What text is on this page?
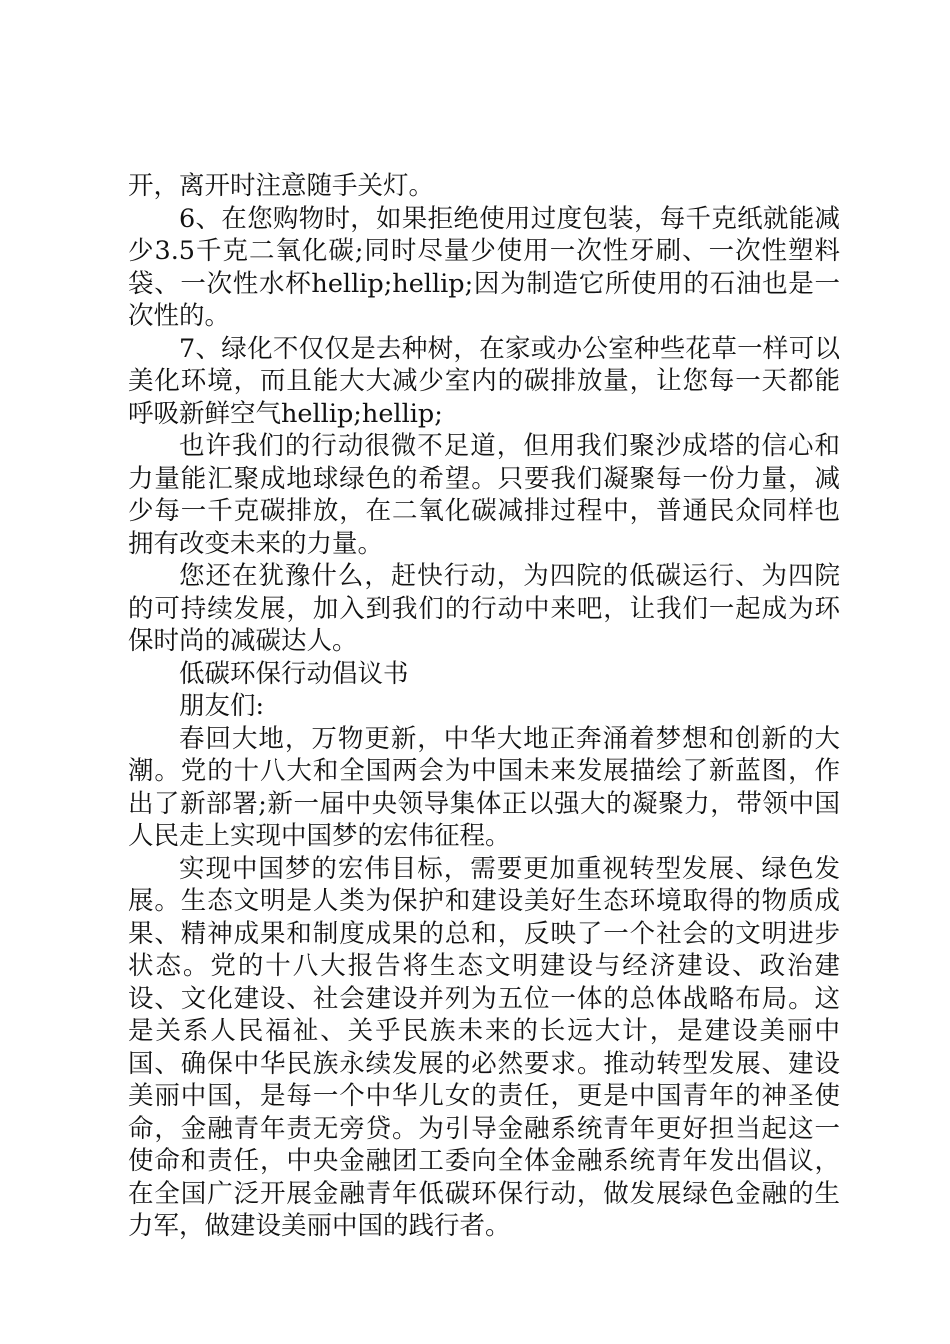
开，离开时注意随手关灯。

6、在您购物时，如果拒绝使用过度包装，每千克纸就能减少3.5千克二氧化碳;同时尽量少使用一次性牙刷、一次性塑料袋、一次性水杯hellip;hellip;因为制造它所使用的石油也是一次性的。

7、绿化不仅仅是去种树，在家或办公室种些花草一样可以美化环境，而且能大大减少室内的碳排放量，让您每一天都能呼吸新鲜空气hellip;hellip;

也许我们的行动很微不足道，但用我们聚沙成塔的信心和力量能汇聚成地球绿色的希望。只要我们凝聚每一份力量，减少每一千克碳排放，在二氧化碳减排过程中，普通民众同样也拥有改变未来的力量。

您还在犹豫什么，赶快行动，为四院的低碳运行、为四院的可持续发展，加入到我们的行动中来吧，让我们一起成为环保时尚的减碳达人。

低碳环保行动倡议书

朋友们:

春回大地，万物更新，中华大地正奔涌着梦想和创新的大潮。党的十八大和全国两会为中国未来发展描绘了新蓝图，作出了新部署;新一届中央领导集体正以强大的凝聚力，带领中国人民走上实现中国梦的宏伟征程。

实现中国梦的宏伟目标，需要更加重视转型发展、绿色发展。生态文明是人类为保护和建设美好生态环境取得的物质成果、精神成果和制度成果的总和，反映了一个社会的文明进步状态。党的十八大报告将生态文明建设与经济建设、政治建设、文化建设、社会建设并列为五位一体的总体战略布局。这是关系人民福祉、关乎民族未来的长远大计，是建设美丽中国、确保中华民族永续发展的必然要求。推动转型发展、建设美丽中国，是每一个中华儿女的责任，更是中国青年的神圣使命，金融青年责无旁贷。为引导金融系统青年更好担当起这一使命和责任，中央金融团工委向全体金融系统青年发出倡议，在全国广泛开展金融青年低碳环保行动，做发展绿色金融的生力军，做建设美丽中国的践行者。
